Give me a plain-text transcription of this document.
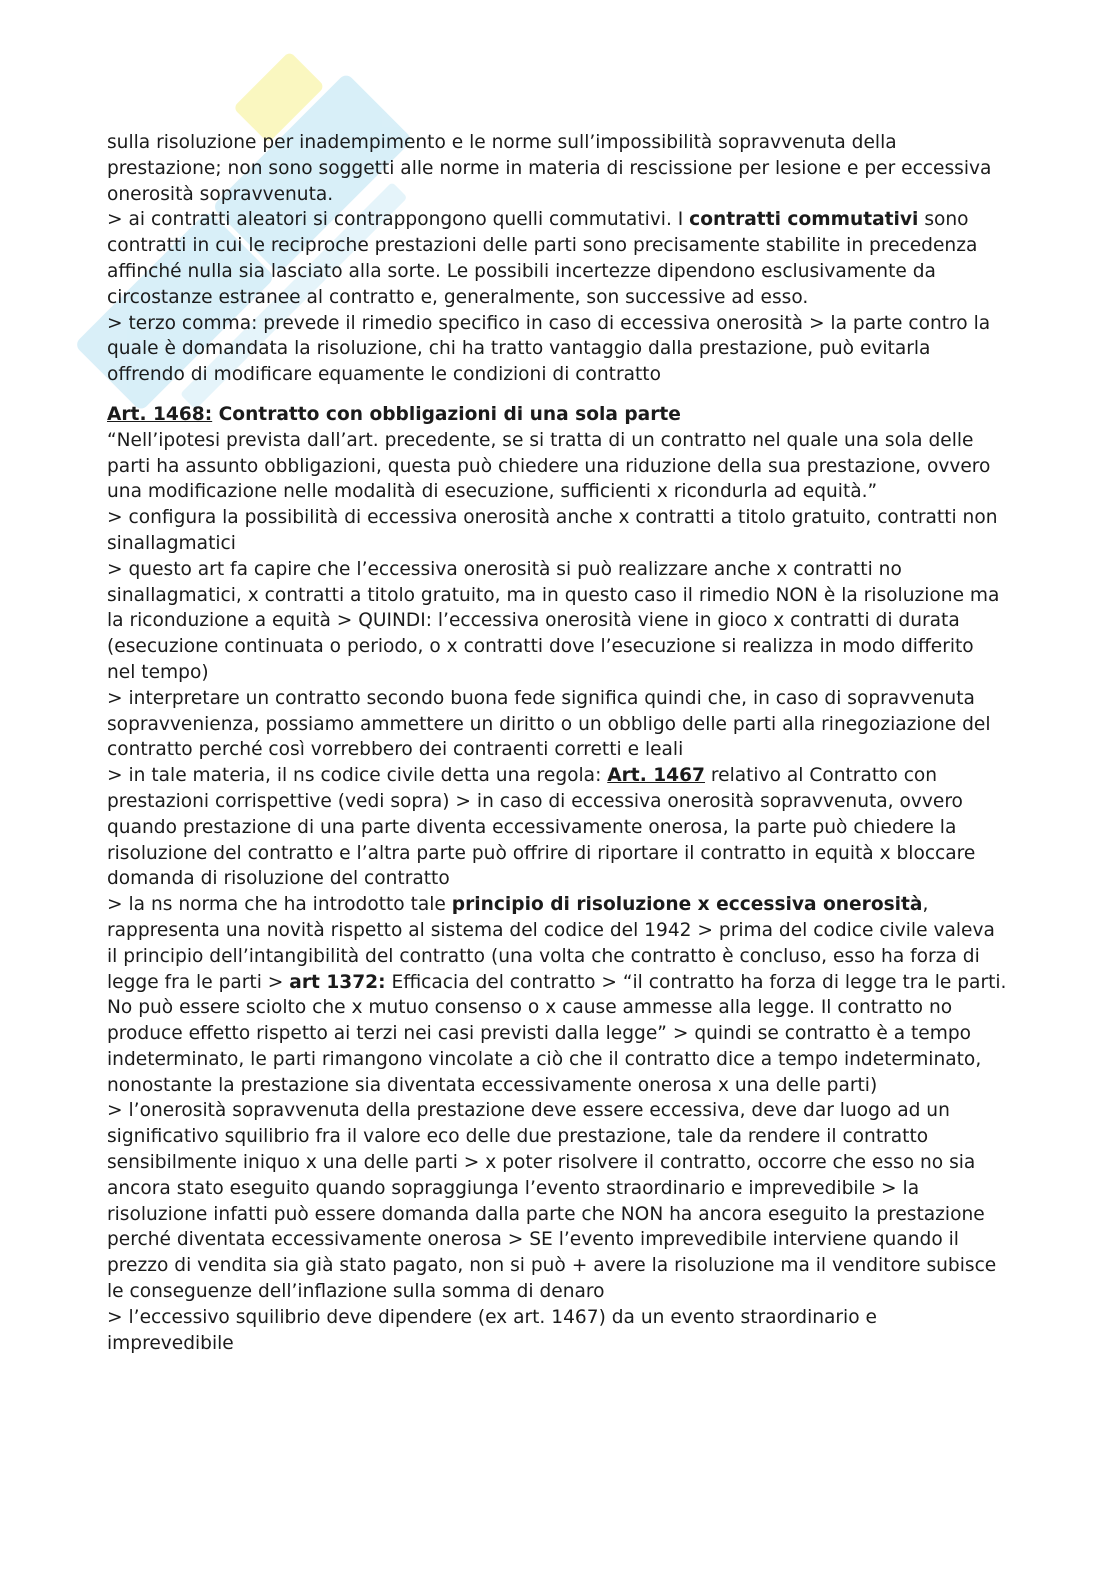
sulla risoluzione per inadempimento e le norme sull’impossibilità sopravvenuta della prestazione; non sono soggetti alle norme in materia di rescissione per lesione e per eccessiva onerosità sopravvenuta.

> ai contratti aleatori si contrappongono quelli commutativi. I contratti commutativi sono contratti in cui le reciproche prestazioni delle parti sono precisamente stabilite in precedenza affinché nulla sia lasciato alla sorte. Le possibili incertezze dipendono esclusivamente da circostanze estranee al contratto e, generalmente, son successive ad esso.

> terzo comma: prevede il rimedio specifico in caso di eccessiva onerosità > la parte contro la quale è domandata la risoluzione, chi ha tratto vantaggio dalla prestazione, può evitarla offrendo di modificare equamente le condizioni di contratto

Art. 1468: Contratto con obbligazioni di una sola parte

“Nell’ipotesi prevista dall’art. precedente, se si tratta di un contratto nel quale una sola delle parti ha assunto obbligazioni, questa può chiedere una riduzione della sua prestazione, ovvero una modificazione nelle modalità di esecuzione, sufficienti x ricondurla ad equità.”

> configura la possibilità di eccessiva onerosità anche x contratti a titolo gratuito, contratti non sinallagmatici

> questo art fa capire che l’eccessiva onerosità si può realizzare anche x contratti no sinallagmatici, x contratti a titolo gratuito, ma in questo caso il rimedio NON è la risoluzione ma la riconduzione a equità > QUINDI: l’eccessiva onerosità viene in gioco x contratti di durata (esecuzione continuata o periodo, o x contratti dove l’esecuzione si realizza in modo differito nel tempo)

> interpretare un contratto secondo buona fede significa quindi che, in caso di sopravvenuta sopravvenienza, possiamo ammettere un diritto o un obbligo delle parti alla rinegoziazione del contratto perché così vorrebbero dei contraenti corretti e leali

> in tale materia, il ns codice civile detta una regola: Art. 1467 relativo al Contratto con prestazioni corrispettive (vedi sopra) > in caso di eccessiva onerosità sopravvenuta, ovvero quando prestazione di una parte diventa eccessivamente onerosa, la parte può chiedere la risoluzione del contratto e l’altra parte può offrire di riportare il contratto in equità x bloccare domanda di risoluzione del contratto

> la ns norma che ha introdotto tale principio di risoluzione x eccessiva onerosità, rappresenta una novità rispetto al sistema del codice del 1942 > prima del codice civile valeva il principio dell’intangibilità del contratto (una volta che contratto è concluso, esso ha forza di legge fra le parti > art 1372: Efficacia del contratto > “il contratto ha forza di legge tra le parti. No può essere sciolto che x mutuo consenso o x cause ammesse alla legge. Il contratto no produce effetto rispetto ai terzi nei casi previsti dalla legge” > quindi se contratto è a tempo indeterminato, le parti rimangono vincolate a ciò che il contratto dice a tempo indeterminato, nonostante la prestazione sia diventata eccessivamente onerosa x una delle parti)

> l’onerosità sopravvenuta della prestazione deve essere eccessiva, deve dar luogo ad un significativo squilibrio fra il valore eco delle due prestazione, tale da rendere il contratto sensibilmente iniquo x una delle parti > x poter risolvere il contratto, occorre che esso no sia ancora stato eseguito quando sopraggiunga l’evento straordinario e imprevedibile > la risoluzione infatti può essere domanda dalla parte che NON ha ancora eseguito la prestazione perché diventata eccessivamente onerosa > SE l’evento imprevedibile interviene quando il prezzo di vendita sia già stato pagato, non si può + avere la risoluzione ma il venditore subisce le conseguenze dell’inflazione sulla somma di denaro

> l’eccessivo squilibrio deve dipendere (ex art. 1467) da un evento straordinario e imprevedibile
